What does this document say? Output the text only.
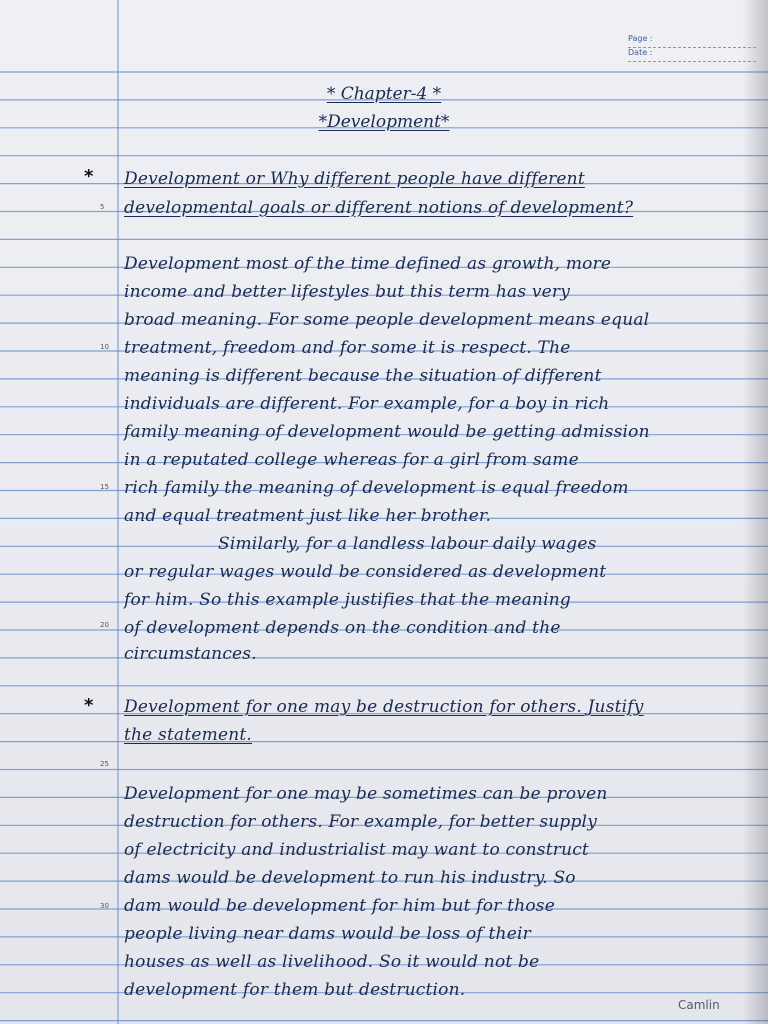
Page :
Date :
* Chapter-4 *
*Development*
* Development or Why different people have different
developmental goals or different notions of development?
Development most of the time defined as growth, more
income and better lifestyles but this term has very
broad meaning. For some people development means equal
treatment, freedom and for some it is respect. The
meaning is different because the situation of different
individuals are different. For example, for a boy in rich
family meaning of development would be getting admission
in a reputated college whereas for a girl from same
rich family the meaning of development is equal freedom
and equal treatment just like her brother.
Similarly, for a landless labour daily wages
or regular wages would be considered as development
for him. So this example justifies that the meaning
of development depends on the condition and the
circumstances.
* Development for one may be destruction for others. Justify
the statement.
Development for one may be sometimes can be proven
destruction for others. For example, for better supply
of electricity and industrialist may want to construct
dams would be development to run his industry. So
dam would be development for him but for those
people living near dams would be loss of their
houses as well as livelihood. So it would not be
development for them but destruction.
5
10
15
20
25
30
Camlin
